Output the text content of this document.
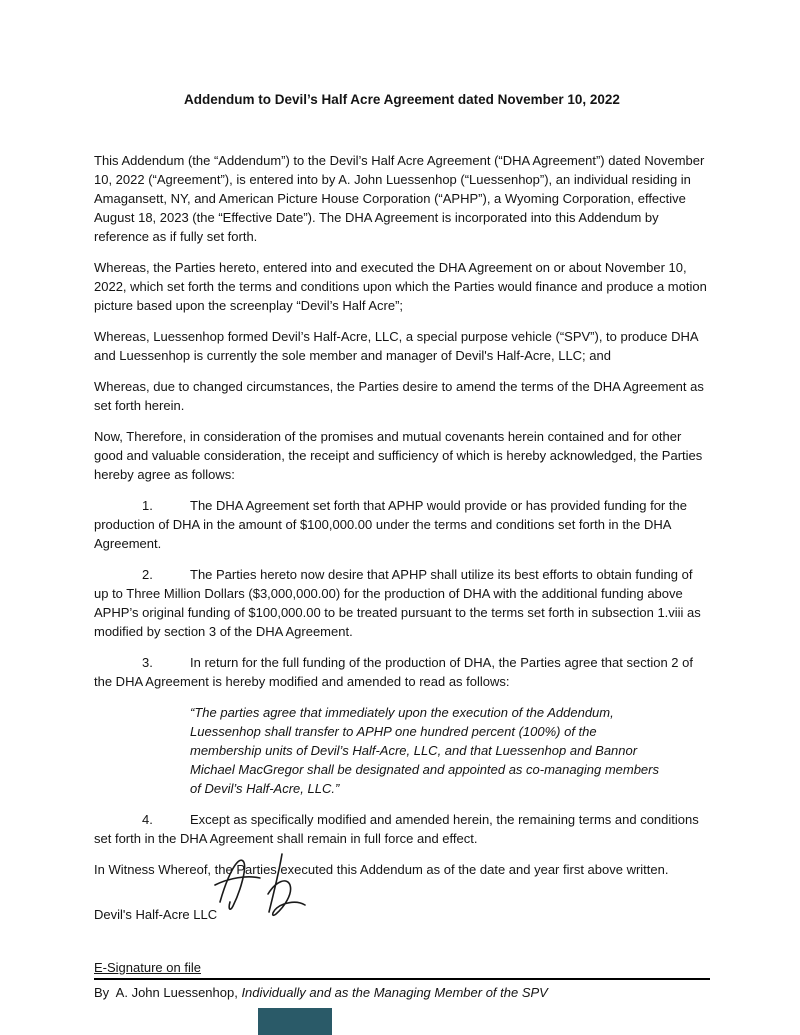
Addendum to Devil’s Half Acre Agreement dated November 10, 2022

This Addendum (the “Addendum”) to the Devil’s Half Acre Agreement (“DHA Agreement”) dated November 10, 2022 (“Agreement”), is entered into by A. John Luessenhop (“Luessenhop”), an individual residing in Amagansett, NY, and American Picture House Corporation (“APHP”), a Wyoming Corporation, effective August 18, 2023 (the “Effective Date”). The DHA Agreement is incorporated into this Addendum by reference as if fully set forth.

Whereas, the Parties hereto, entered into and executed the DHA Agreement on or about November 10, 2022, which set forth the terms and conditions upon which the Parties would finance and produce a motion picture based upon the screenplay “Devil’s Half Acre”;

Whereas, Luessenhop formed Devil’s Half-Acre, LLC, a special purpose vehicle (“SPV”), to produce DHA and Luessenhop is currently the sole member and manager of Devil's Half-Acre, LLC; and

Whereas, due to changed circumstances, the Parties desire to amend the terms of the DHA Agreement as set forth herein.

Now, Therefore, in consideration of the promises and mutual covenants herein contained and for other good and valuable consideration, the receipt and sufficiency of which is hereby acknowledged, the Parties hereby agree as follows:

1.	The DHA Agreement set forth that APHP would provide or has provided funding for the production of DHA in the amount of $100,000.00 under the terms and conditions set forth in the DHA Agreement.

2.	The Parties hereto now desire that APHP shall utilize its best efforts to obtain funding of up to Three Million Dollars ($3,000,000.00) for the production of DHA with the additional funding above APHP’s original funding of $100,000.00 to be treated pursuant to the terms set forth in subsection 1.viii as modified by section 3 of the DHA Agreement.

3.	In return for the full funding of the production of DHA, the Parties agree that section 2 of the DHA Agreement is hereby modified and amended to read as follows:

“The parties agree that immediately upon the execution of the Addendum, Luessenhop shall transfer to APHP one hundred percent (100%) of the membership units of Devil’s Half-Acre, LLC, and that Luessenhop and Bannor Michael MacGregor shall be designated and appointed as co-managing members of Devil’s Half-Acre, LLC.”

4.	Except as specifically modified and amended herein, the remaining terms and conditions set forth in the DHA Agreement shall remain in full force and effect.

In Witness Whereof, the Parties executed this Addendum as of the date and year first above written.

Devil's Half-Acre LLC
E-Signature on file
By  A. John Luessenhop, Individually and as the Managing Member of the SPV
